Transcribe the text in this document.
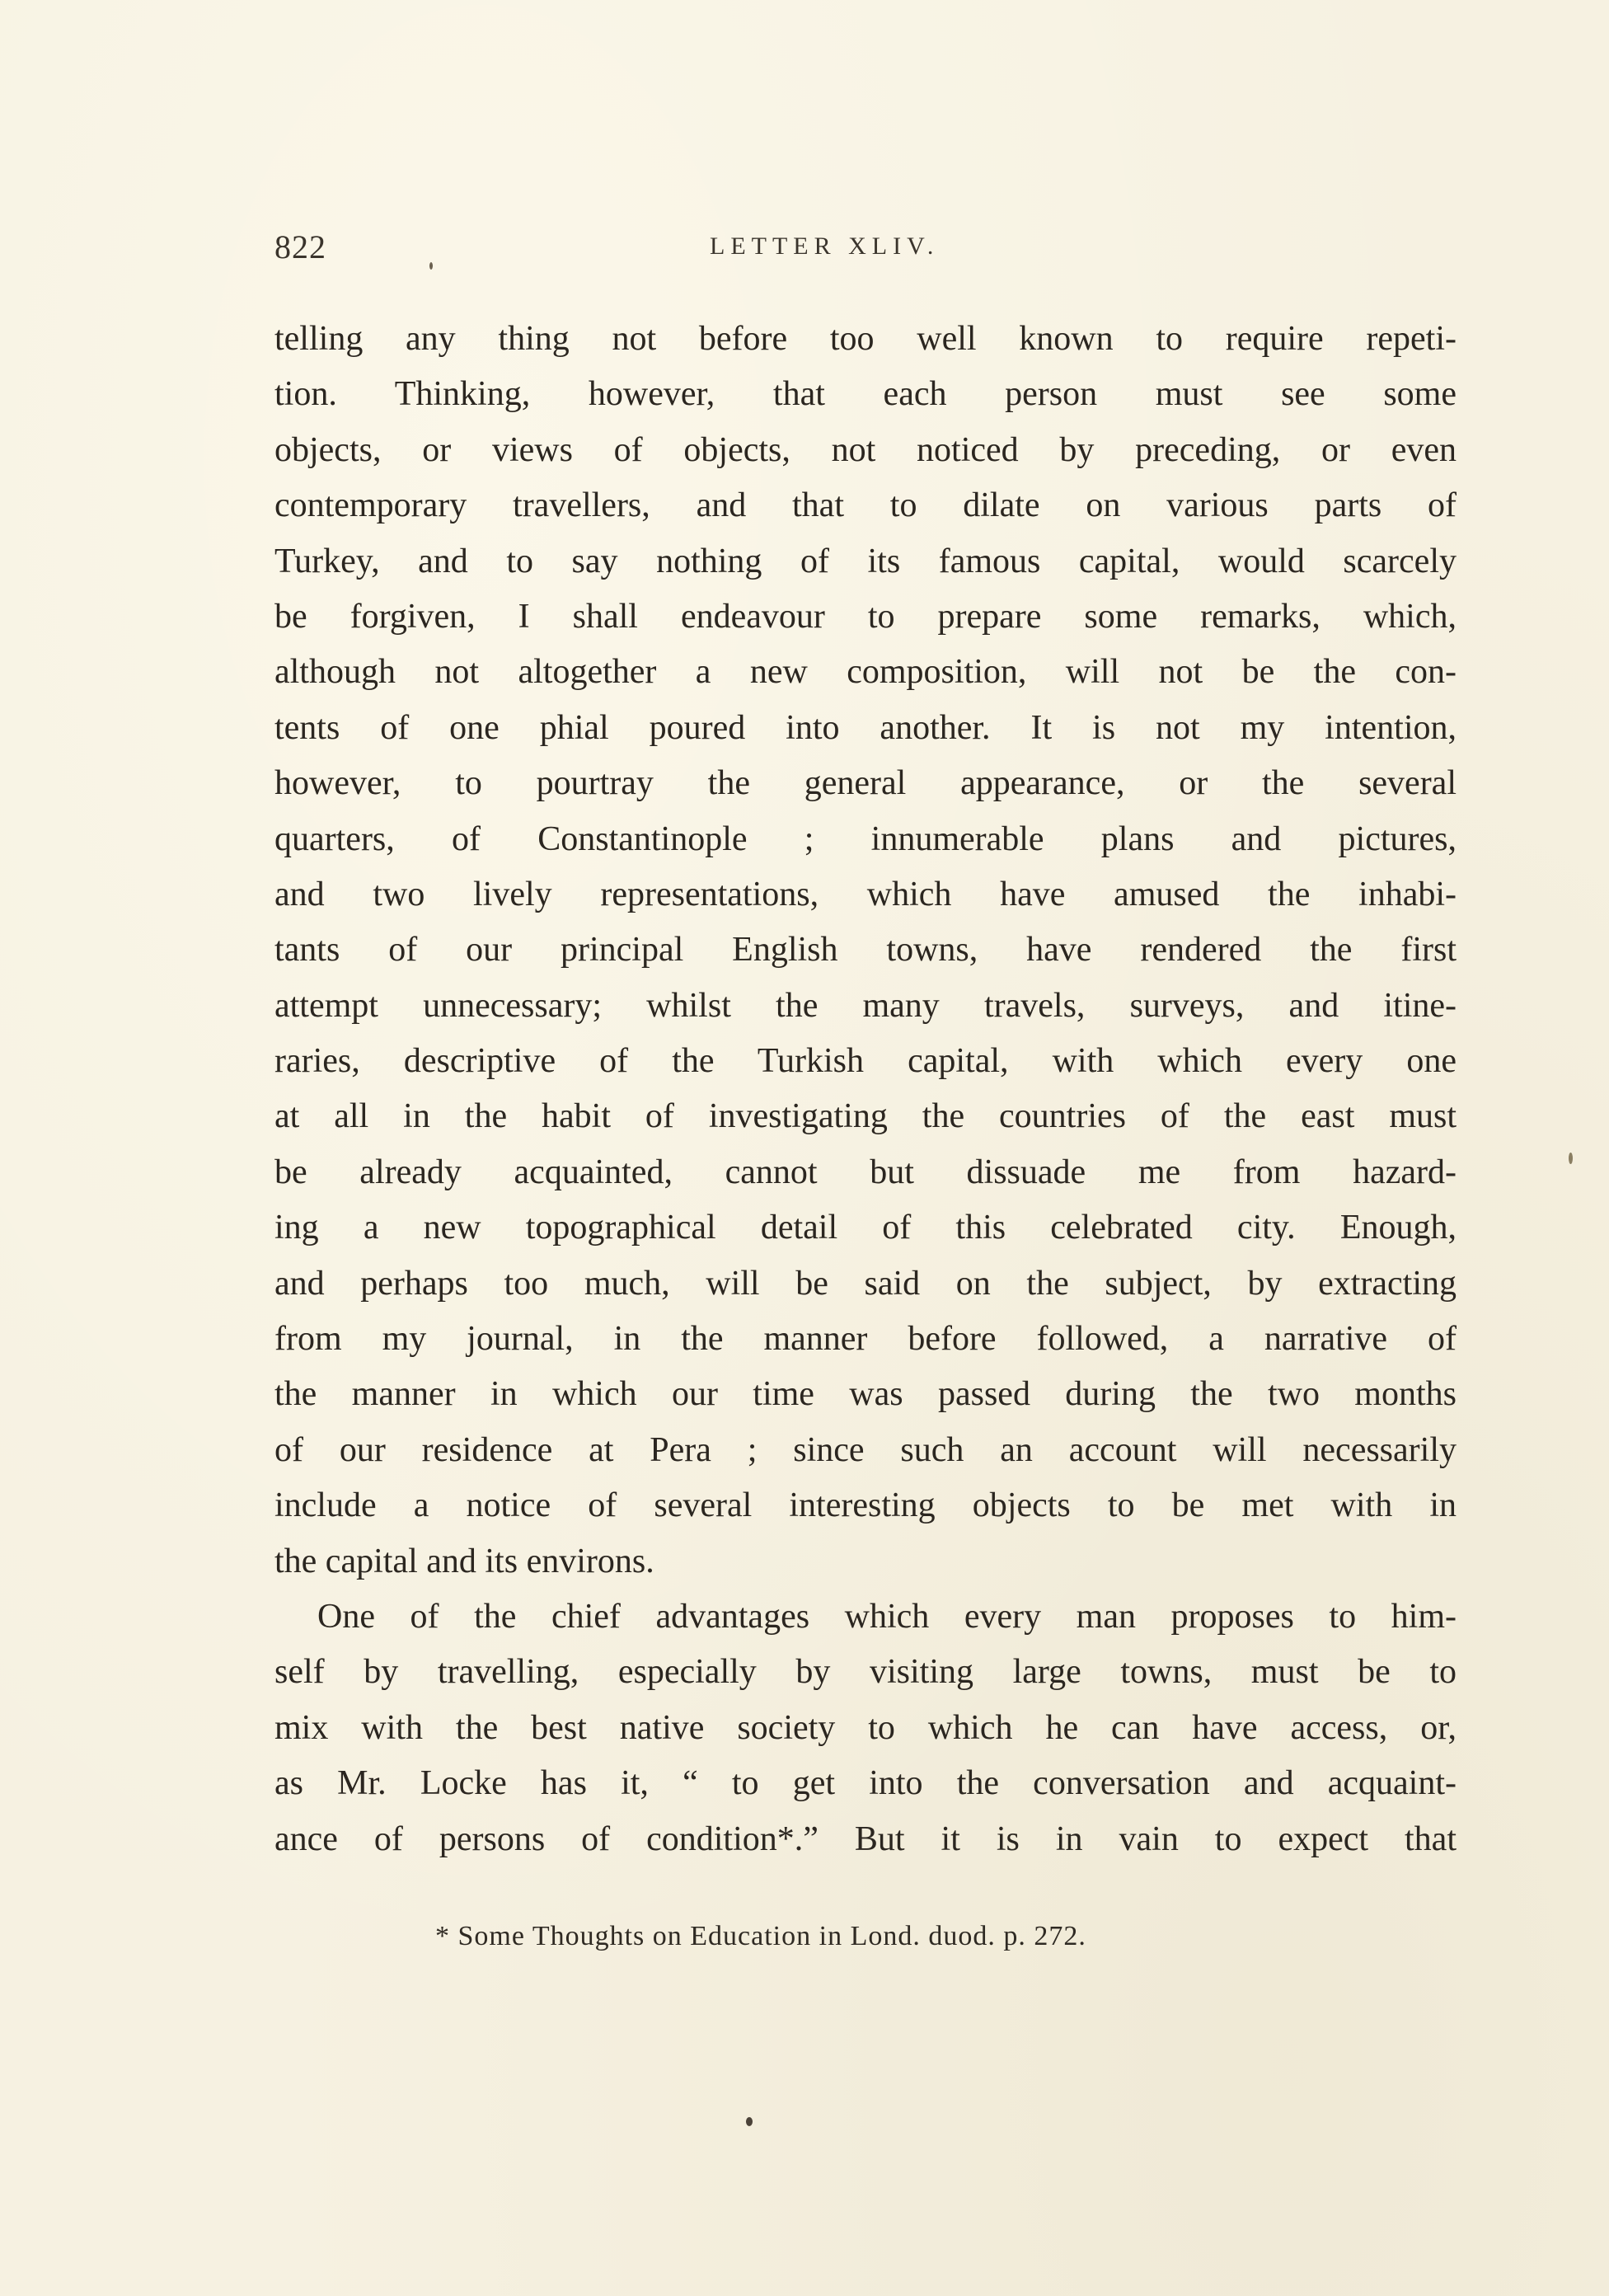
822	LETTER XLIV.
telling any thing not before too well known to require repeti-
tion. Thinking, however, that each person must see some
objects, or views of objects, not noticed by preceding, or even
contemporary travellers, and that to dilate on various parts of
Turkey, and to say nothing of its famous capital, would scarcely
be forgiven, I shall endeavour to prepare some remarks, which,
although not altogether a new composition, will not be the con-
tents of one phial poured into another. It is not my intention,
however, to pourtray the general appearance, or the several
quarters, of Constantinople ; innumerable plans and pictures,
and two lively representations, which have amused the inhabi-
tants of our principal English towns, have rendered the first
attempt unnecessary; whilst the many travels, surveys, and itine-
raries, descriptive of the Turkish capital, with which every one
at all in the habit of investigating the countries of the east must
be already acquainted, cannot but dissuade me from hazard-
ing a new topographical detail of this celebrated city. Enough,
and perhaps too much, will be said on the subject, by extracting
from my journal, in the manner before followed, a narrative of
the manner in which our time was passed during the two months
of our residence at Pera ; since such an account will necessarily
include a notice of several interesting objects to be met with in
the capital and its environs.
One of the chief advantages which every man proposes to him-
self by travelling, especially by visiting large towns, must be to
mix with the best native society to which he can have access, or,
as Mr. Locke has it, “ to get into the conversation and acquaint-
ance of persons of condition*.” But it is in vain to expect that
* Some Thoughts on Education in Lond. duod. p. 272.
